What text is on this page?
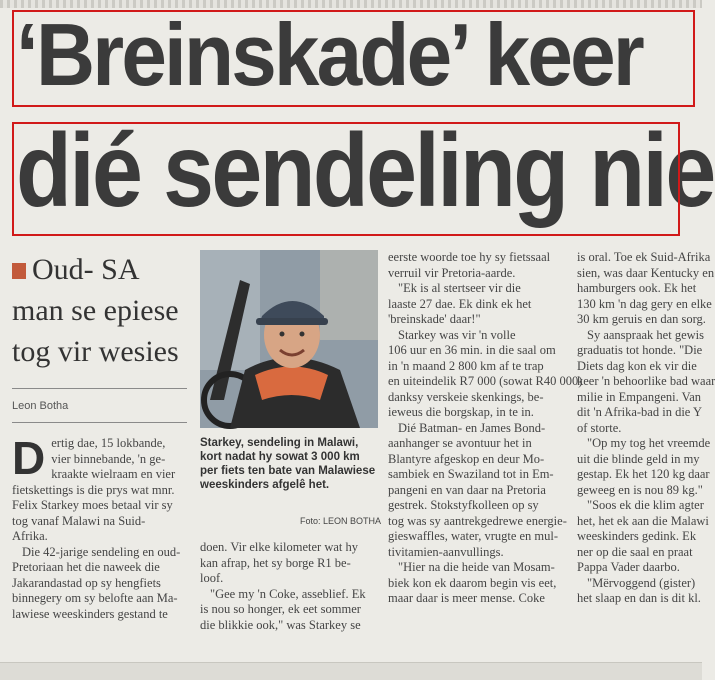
‘Breinskade’ keer
dié sendeling nie
Oud- SA
man se epiese
tog vir wesies
Leon Botha
D ertig dae, 15 lokbande,
vier binnebande, 'n ge-
kraakte wielraam en vier
fietskettings is die prys wat mnr.
Felix Starkey moes betaal vir sy
tog vanaf Malawi na Suid-
Afrika.
Die 42-jarige sendeling en oud-
Pretoriaan het die naweek die
Jakarandastad op sy hengfiets
binnegery om sy belofte aan Ma-
lawiese weeskinders gestand te
Starkey, sendeling in Malawi, kort nadat hy sowat 3 000 km per fiets ten bate van Malawiese weeskinders afgelê het.
Foto: LEON BOTHA
doen. Vir elke kilometer wat hy
kan afrap, het sy borge R1 be-
loof.
"Gee my 'n Coke, asseblief. Ek
is nou so honger, ek eet sommer
die blikkie ook," was Starkey se
eerste woorde toe hy sy fietssaal
verruil vir Pretoria-aarde.
"Ek is al stertseer vir die
laaste 27 dae. Ek dink ek het
'breinskade' daar!"
Starkey was vir 'n volle
106 uur en 36 min. in die saal om
in 'n maand 2 800 km af te trap
en uiteindelik R7 000 (sowat R40 000)
danksy verskeie skenkings, be-
ieweus die borgskap, in te in.
Dié Batman- en James Bond-
aanhanger se avontuur het in
Blantyre afgeskop en deur Mo-
sambiek en Swaziland tot in Em-
pangeni en van daar na Pretoria
gestrek. Stokstyfkolleen op sy
tog was sy aantrekgedrewe energie-
gieswaffles, water, vrugte en mul-
tivitamien-aanvullings.
"Hier na die heide van Mosam-
biek kon ek daarom begin vis eet,
maar daar is meer mense. Coke
is oral. Toe ek Suid-Afrika
sien, was daar Kentucky en
hamburgers ook. Ek het
130 km 'n dag gery en elke
30 km geruis en dan sorg.
Sy aanspraak het gewis
graduatis tot honde. "Die
Diets dag kon ek vir die
keer 'n behoorlike bad waar
milie in Empangeni. Van
dit 'n Afrika-bad in die Y
of storte.
"Op my tog het vreemde
uit die blinde geld in my
gestap. Ek het 120 kg daar
geweeg en is nou 89 kg."
"Soos ek die klim agter
het, het ek aan die Malawi
weeskinders gedink. Ek
ner op die saal en praat
Pappa Vader daarbo.
"Mërvoggend (gister)
het slaap en dan is dit kl.
